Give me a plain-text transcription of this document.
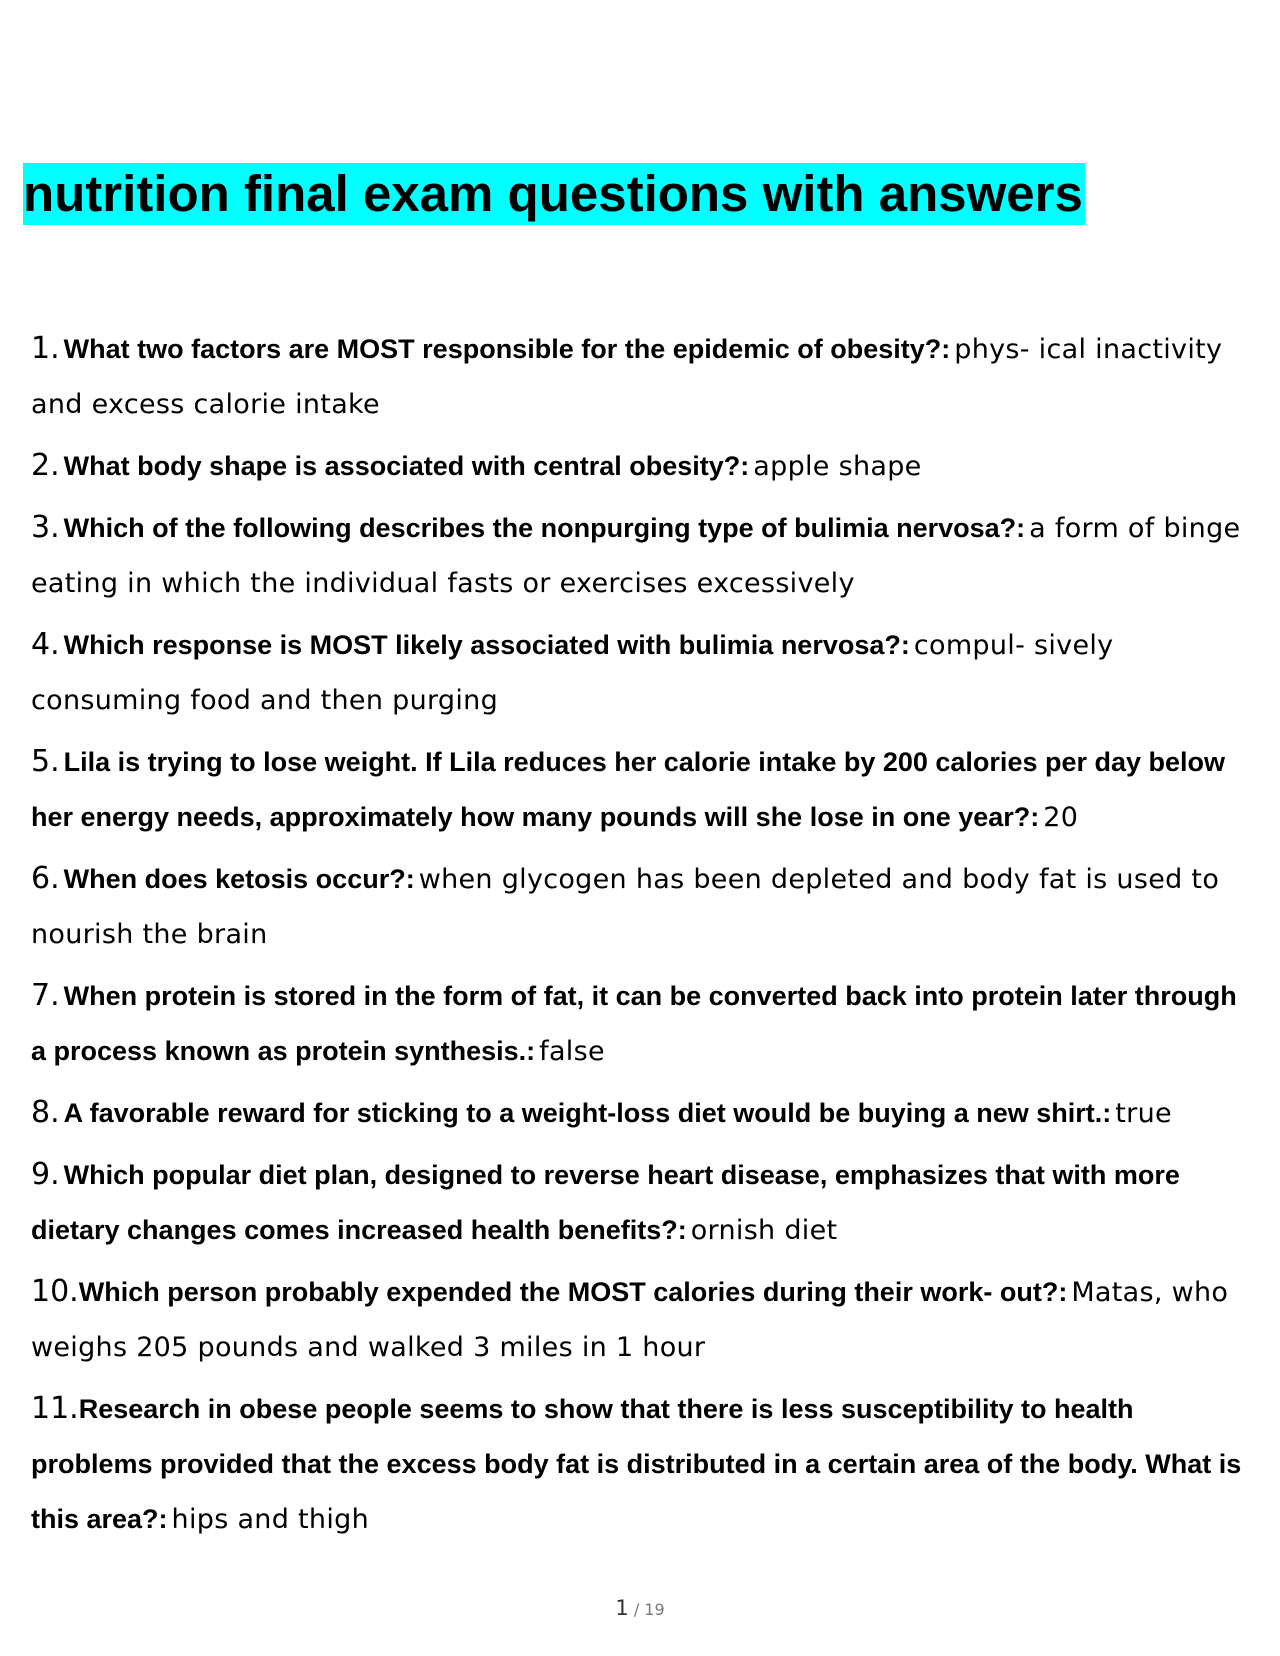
nutrition final exam questions with answers

1. What two factors are MOST responsible for the epidemic of obesity?: phys- ical inactivity and excess calorie intake

2. What body shape is associated with central obesity?: apple shape

3. Which of the following describes the nonpurging type of bulimia nervosa?: a form of binge eating in which the individual fasts or exercises excessively

4. Which response is MOST likely associated with bulimia nervosa?: compul- sively consuming food and then purging

5. Lila is trying to lose weight. If Lila reduces her calorie intake by 200 calories per day below her energy needs, approximately how many pounds will she lose in one year?: 20

6. When does ketosis occur?: when glycogen has been depleted and body fat is used to nourish the brain

7. When protein is stored in the form of fat, it can be converted back into protein later through a process known as protein synthesis.: false

8. A favorable reward for sticking to a weight-loss diet would be buying a new shirt.: true

9. Which popular diet plan, designed to reverse heart disease, emphasizes that with more dietary changes comes increased health benefits?: ornish diet

10.Which person probably expended the MOST calories during their work- out?: Matas, who weighs 205 pounds and walked 3 miles in 1 hour

11.Research in obese people seems to show that there is less susceptibility to health problems provided that the excess body fat is distributed in a certain area of the body. What is this area?: hips and thigh

1 / 19
